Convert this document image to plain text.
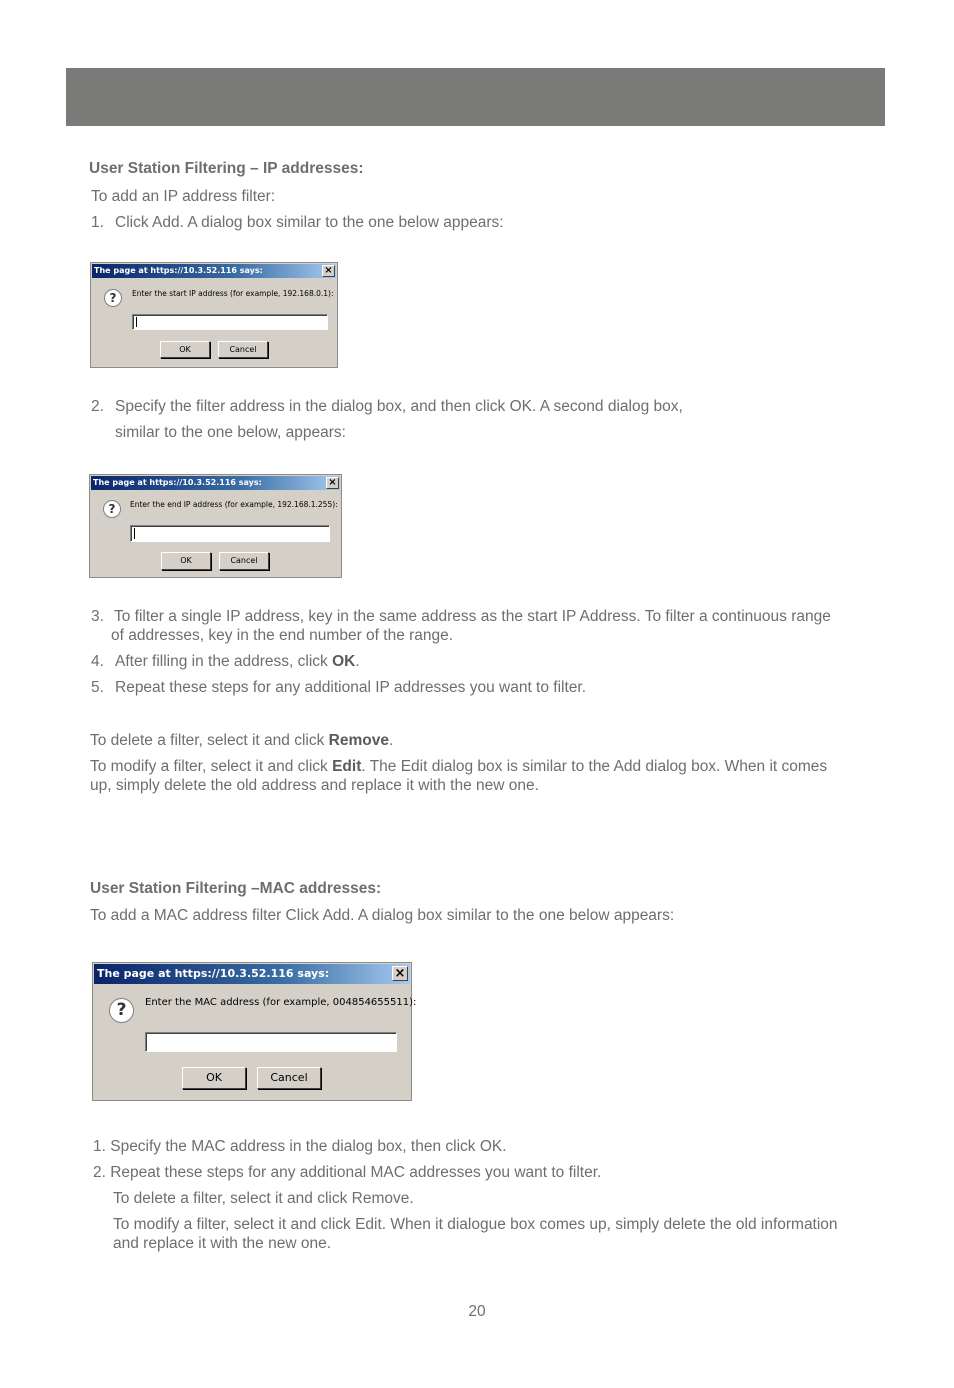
User Station Filtering – IP addresses:
To add an IP address filter:
1. Click Add. A dialog box similar to the one below appears:
The page at https://10.3.52.116 says:	×
?	Enter the start IP address (for example, 192.168.0.1):
OK	Cancel
2. Specify the filter address in the dialog box, and then click OK. A second dialog box,
similar to the one below, appears:
The page at https://10.3.52.116 says:	×
?	Enter the end IP address (for example, 192.168.1.255):
OK	Cancel
3. To filter a single IP address, key in the same address as the start IP Address. To filter a continuous range
of addresses, key in the end number of the range.
4. After filling in the address, click OK.
5. Repeat these steps for any additional IP addresses you want to filter.
To delete a filter, select it and click Remove.
To modify a filter, select it and click Edit. The Edit dialog box is similar to the Add dialog box. When it comes
up, simply delete the old address and replace it with the new one.
User Station Filtering –MAC addresses:
To add a MAC address filter Click Add. A dialog box similar to the one below appears:
The page at https://10.3.52.116 says:	×
?	Enter the MAC address (for example, 004854655511):
OK	Cancel
1. Specify the MAC address in the dialog box, then click OK.
2. Repeat these steps for any additional MAC addresses you want to filter.
To delete a filter, select it and click Remove.
To modify a filter, select it and click Edit. When it dialogue box comes up, simply delete the old information
and replace it with the new one.
20
